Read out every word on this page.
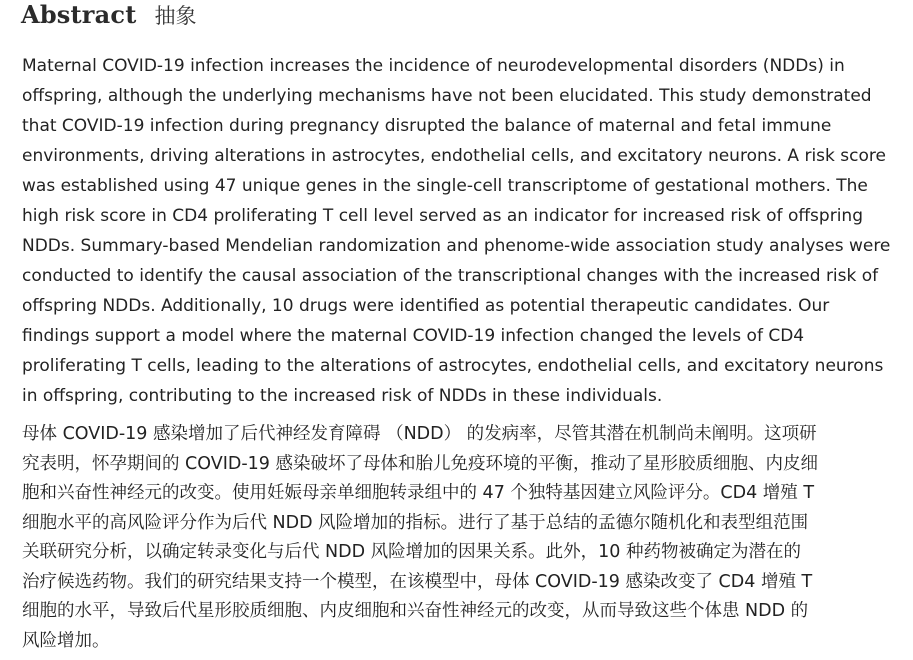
Abstract 抽象

Maternal COVID-19 infection increases the incidence of neurodevelopmental disorders (NDDs) in
offspring, although the underlying mechanisms have not been elucidated. This study demonstrated
that COVID-19 infection during pregnancy disrupted the balance of maternal and fetal immune
environments, driving alterations in astrocytes, endothelial cells, and excitatory neurons. A risk score
was established using 47 unique genes in the single-cell transcriptome of gestational mothers. The
high risk score in CD4 proliferating T cell level served as an indicator for increased risk of offspring
NDDs. Summary-based Mendelian randomization and phenome-wide association study analyses were
conducted to identify the causal association of the transcriptional changes with the increased risk of
offspring NDDs. Additionally, 10 drugs were identified as potential therapeutic candidates. Our
findings support a model where the maternal COVID-19 infection changed the levels of CD4
proliferating T cells, leading to the alterations of astrocytes, endothelial cells, and excitatory neurons
in offspring, contributing to the increased risk of NDDs in these individuals.

母体 COVID-19 感染增加了后代神经发育障碍 （NDD） 的发病率，尽管其潜在机制尚未阐明。这项研
究表明，怀孕期间的 COVID-19 感染破坏了母体和胎儿免疫环境的平衡，推动了星形胶质细胞、内皮细
胞和兴奋性神经元的改变。使用妊娠母亲单细胞转录组中的 47 个独特基因建立风险评分。CD4 增殖 T
细胞水平的高风险评分作为后代 NDD 风险增加的指标。进行了基于总结的孟德尔随机化和表型组范围
关联研究分析，以确定转录变化与后代 NDD 风险增加的因果关系。此外，10 种药物被确定为潜在的
治疗候选药物。我们的研究结果支持一个模型，在该模型中，母体 COVID-19 感染改变了 CD4 增殖 T
细胞的水平，导致后代星形胶质细胞、内皮细胞和兴奋性神经元的改变，从而导致这些个体患 NDD 的
风险增加。
